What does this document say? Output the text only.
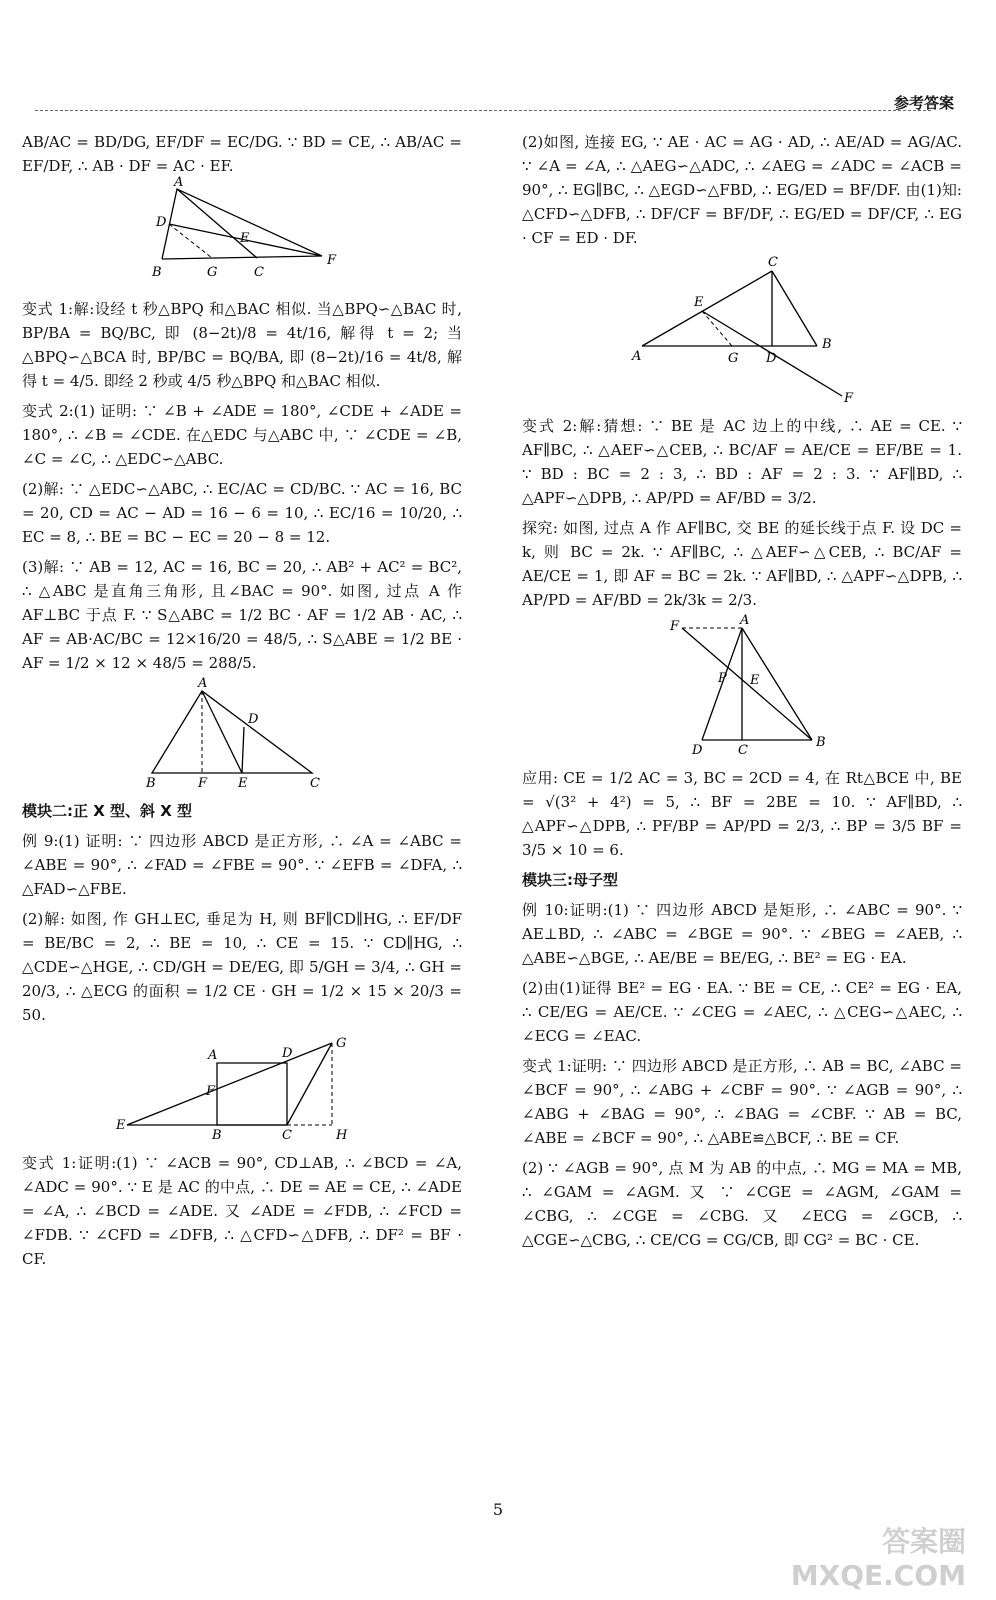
参考答案

AB/AC = BD/DG, EF/DF = EC/DG. ∵ BD = CE, ∴ AB/AC = EF/DF, ∴ AB · DF = AC · EF.

A
D
E
B	G	C
F

变式 1:解:设经 t 秒△BPQ 和△BAC 相似. 当△BPQ∽△BAC 时, BP/BA = BQ/BC, 即 (8−2t)/8 = 4t/16, 解得 t = 2; 当△BPQ∽△BCA 时, BP/BC = BQ/BA, 即 (8−2t)/16 = 4t/8, 解得 t = 4/5. 即经 2 秒或 4/5 秒△BPQ 和△BAC 相似.

变式 2:(1) 证明: ∵ ∠B + ∠ADE = 180°, ∠CDE + ∠ADE = 180°, ∴ ∠B = ∠CDE. 在△EDC 与△ABC 中, ∵ ∠CDE = ∠B, ∠C = ∠C, ∴ △EDC∽△ABC.

(2)解: ∵ △EDC∽△ABC, ∴ EC/AC = CD/BC. ∵ AC = 16, BC = 20, CD = AC − AD = 16 − 6 = 10, ∴ EC/16 = 10/20, ∴ EC = 8, ∴ BE = BC − EC = 20 − 8 = 12.

(3)解: ∵ AB = 12, AC = 16, BC = 20, ∴ AB² + AC² = BC², ∴ △ABC 是直角三角形, 且∠BAC = 90°. 如图, 过点 A 作 AF⊥BC 于点 F. ∵ S△ABC = 1/2 BC · AF = 1/2 AB · AC, ∴ AF = AB·AC/BC = 12×16/20 = 48/5, ∴ S△ABE = 1/2 BE · AF = 1/2 × 12 × 48/5 = 288/5.

A
D
B	F E	C

模块二:正 X 型、斜 X 型

例 9:(1) 证明: ∵ 四边形 ABCD 是正方形, ∴ ∠A = ∠ABC = ∠ABE = 90°, ∴ ∠FAD = ∠FBE = 90°. ∵ ∠EFB = ∠DFA, ∴ △FAD∽△FBE.

(2)解: 如图, 作 GH⊥EC, 垂足为 H, 则 BF∥CD∥HG, ∴ EF/DF = BE/BC = 2, ∴ BE = 10, ∴ CE = 15. ∵ CD∥HG, ∴ △CDE∽△HGE, ∴ CD/GH = DE/EG, 即 5/GH = 3/4, ∴ GH = 20/3, ∴ △ECG 的面积 = 1/2 CE · GH = 1/2 × 15 × 20/3 = 50.

A	D
G
F
E
B	C	H

变式 1:证明:(1) ∵ ∠ACB = 90°, CD⊥AB, ∴ ∠BCD = ∠A, ∠ADC = 90°. ∵ E 是 AC 的中点, ∴ DE = AE = CE, ∴ ∠ADE = ∠A, ∴ ∠BCD = ∠ADE. 又 ∠ADE = ∠FDB, ∴ ∠FCD = ∠FDB. ∵ ∠CFD = ∠DFB, ∴ △CFD∽△DFB, ∴ DF² = BF · CF.

(2)如图, 连接 EG, ∵ AE · AC = AG · AD, ∴ AE/AD = AG/AC. ∵ ∠A = ∠A, ∴ △AEG∽△ADC, ∴ ∠AEG = ∠ADC = ∠ACB = 90°, ∴ EG∥BC, ∴ △EGD∽△FBD, ∴ EG/ED = BF/DF. 由(1)知: △CFD∽△DFB, ∴ DF/CF = BF/DF, ∴ EG/ED = DF/CF, ∴ EG · CF = ED · DF.

C
E
B
A	G D
F

变式 2:解:猜想: ∵ BE 是 AC 边上的中线, ∴ AE = CE. ∵ AF∥BC, ∴ △AEF∽△CEB, ∴ BC/AF = AE/CE = EF/BE = 1. ∵ BD : BC = 2 : 3, ∴ BD : AF = 2 : 3. ∵ AF∥BD, ∴ △APF∽△DPB, ∴ AP/PD = AF/BD = 3/2.

探究: 如图, 过点 A 作 AF∥BC, 交 BE 的延长线于点 F. 设 DC = k, 则 BC = 2k. ∵ AF∥BC, ∴ △AEF∽△CEB, ∴ BC/AF = AE/CE = 1, 即 AF = BC = 2k. ∵ AF∥BD, ∴ △APF∽△DPB, ∴ AP/PD = AF/BD = 2k/3k = 2/3.

F	A
P E
D	C
B

应用: CE = 1/2 AC = 3, BC = 2CD = 4, 在 Rt△BCE 中, BE = √(3² + 4²) = 5, ∴ BF = 2BE = 10. ∵ AF∥BD, ∴ △APF∽△DPB, ∴ PF/BP = AP/PD = 2/3, ∴ BP = 3/5 BF = 3/5 × 10 = 6.

模块三:母子型

例 10:证明:(1) ∵ 四边形 ABCD 是矩形, ∴ ∠ABC = 90°. ∵ AE⊥BD, ∴ ∠ABC = ∠BGE = 90°. ∵ ∠BEG = ∠AEB, ∴ △ABE∽△BGE, ∴ AE/BE = BE/EG, ∴ BE² = EG · EA.

(2)由(1)证得 BE² = EG · EA. ∵ BE = CE, ∴ CE² = EG · EA, ∴ CE/EG = AE/CE. ∵ ∠CEG = ∠AEC, ∴ △CEG∽△AEC, ∴ ∠ECG = ∠EAC.

变式 1:证明: ∵ 四边形 ABCD 是正方形, ∴ AB = BC, ∠ABC = ∠BCF = 90°, ∴ ∠ABG + ∠CBF = 90°. ∵ ∠AGB = 90°, ∴ ∠ABG + ∠BAG = 90°, ∴ ∠BAG = ∠CBF. ∵ AB = BC, ∠ABE = ∠BCF = 90°, ∴ △ABE≌△BCF, ∴ BE = CF.

(2) ∵ ∠AGB = 90°, 点 M 为 AB 的中点, ∴ MG = MA = MB, ∴ ∠GAM = ∠AGM. 又 ∵ ∠CGE = ∠AGM, ∠GAM = ∠CBG, ∴ ∠CGE = ∠CBG. 又 ∠ECG = ∠GCB, ∴ △CGE∽△CBG, ∴ CE/CG = CG/CB, 即 CG² = BC · CE.

5
答案圈
MXQE.COM
